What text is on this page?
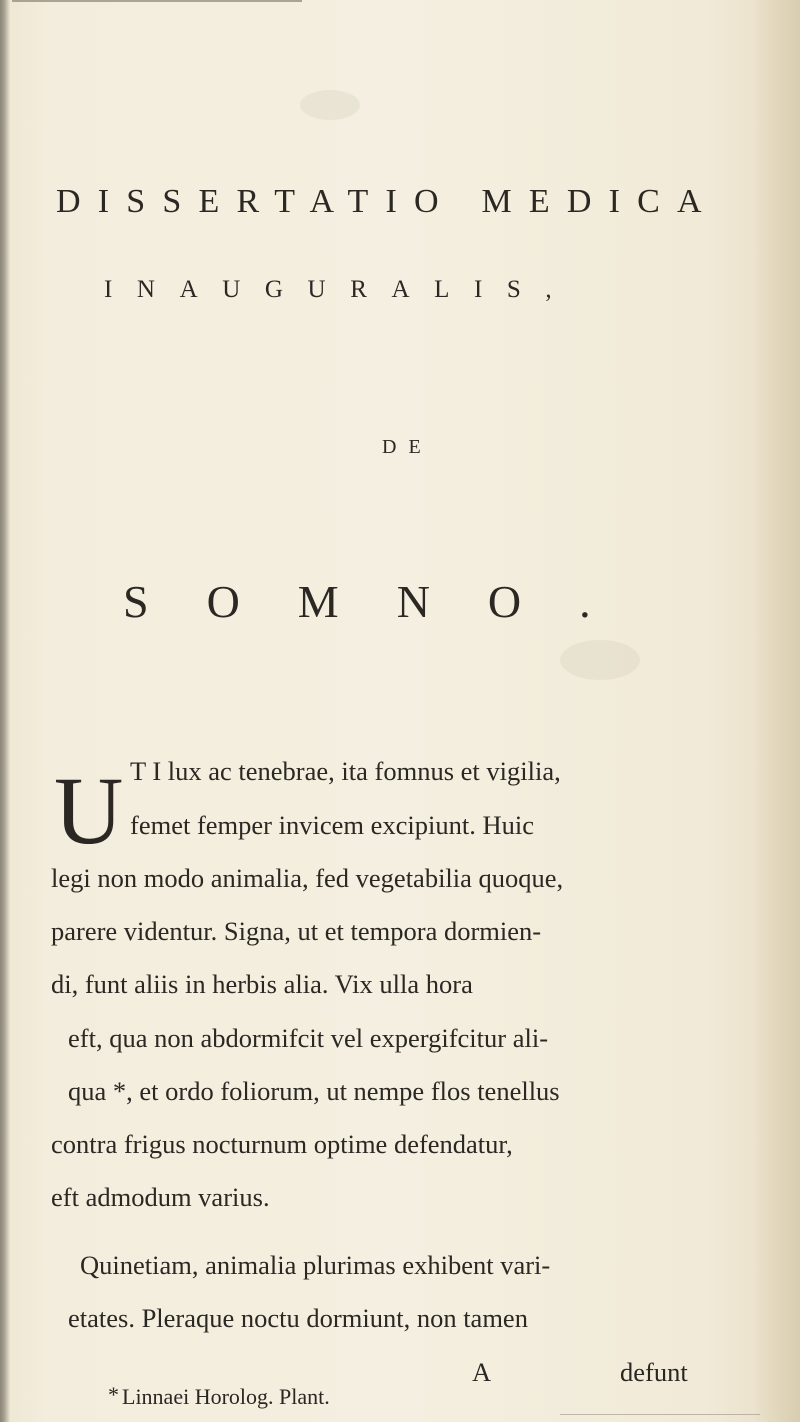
DISSERTATIO MEDICA
INAUGURALIS,
DE
SOMNO.
U T I lux ac tenebrae, ita fomnus et vigilia,

femet femper invicem excipiunt. Huic

legi non modo animalia, fed vegetabilia quoque,

parere videntur. Signa, ut et tempora dormien-

di, funt aliis in herbis alia. Vix ulla hora

eft, qua non abdormifcit vel expergifcitur ali-

qua *, et ordo foliorum, ut nempe flos tenellus

contra frigus nocturnum optime defendatur,

eft admodum varius.

Quinetiam, animalia plurimas exhibent vari-

etates. Pleraque noctu dormiunt, non tamen

A	defunt
* Linnaei Horolog. Plant.
